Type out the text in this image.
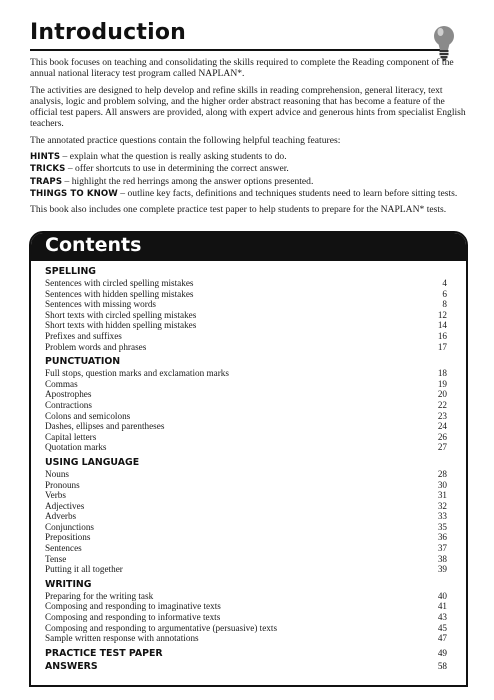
Introduction

This book focuses on teaching and consolidating the skills required to complete the Reading component of the annual national literacy test program called NAPLAN*.

The activities are designed to help develop and refine skills in reading comprehension, general literacy, text analysis, logic and problem solving, and the higher order abstract reasoning that has become a feature of the official test papers. All answers are provided, along with expert advice and generous hints from specialist English teachers.

The annotated practice questions contain the following helpful teaching features:

HINTS – explain what the question is really asking students to do.
TRICKS – offer shortcuts to use in determining the correct answer.
TRAPS – highlight the red herrings among the answer options presented.
THINGS TO KNOW – outline key facts, definitions and techniques students need to learn before sitting tests.

This book also includes one complete practice test paper to help students to prepare for the NAPLAN* tests.

Contents
SPELLING
Sentences with circled spelling mistakes	4
Sentences with hidden spelling mistakes	6
Sentences with missing words	8
Short texts with circled spelling mistakes	12
Short texts with hidden spelling mistakes	14
Prefixes and suffixes	16
Problem words and phrases	17
PUNCTUATION
Full stops, question marks and exclamation marks	18
Commas	19
Apostrophes	20
Contractions	22
Colons and semicolons	23
Dashes, ellipses and parentheses	24
Capital letters	26
Quotation marks	27
USING LANGUAGE
Nouns	28
Pronouns	30
Verbs	31
Adjectives	32
Adverbs	33
Conjunctions	35
Prepositions	36
Sentences	37
Tense	38
Putting it all together	39
WRITING
Preparing for the writing task	40
Composing and responding to imaginative texts	41
Composing and responding to informative texts	43
Composing and responding to argumentative (persuasive) texts	45
Sample written response with annotations	47
PRACTICE TEST PAPER	49
ANSWERS	58
